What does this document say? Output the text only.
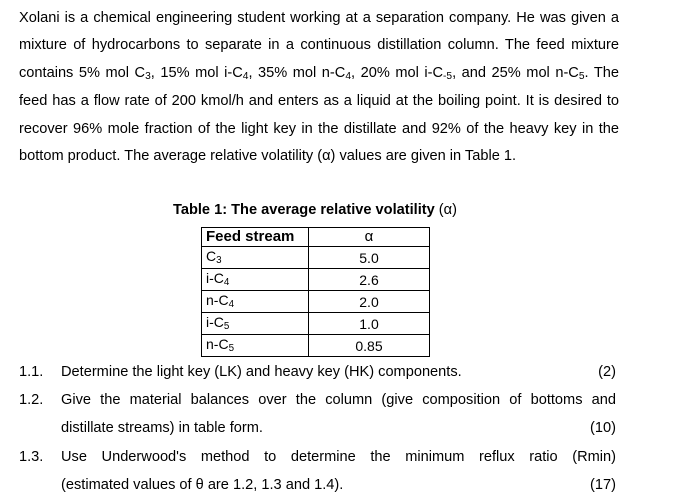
Xolani is a chemical engineering student working at a separation company. He was given a mixture of hydrocarbons to separate in a continuous distillation column. The feed mixture contains 5% mol $C_3$, 15% mol $i-C_4$, 35% mol $n-C_4$, 20% mol $i-C_{-5}$, and 25% mol $n-C_5$. The feed has a flow rate of 200 kmol/h and enters as a liquid at the boiling point. It is desired to recover 96% mole fraction of the light key in the distillate and 92% of the heavy key in the bottom product. The average relative volatility (α) values are given in Table 1.

Table 1: The average relative volatility (α)
Feed stream	α
$C_3$	5.0
$i-C_4$	2.6
$n-C_4$	2.0
$i-C_5$	1.0
$n-C_5$	0.85
1.1. Determine the light key (LK) and heavy key (HK) components.	(2)
1.2. Give the material balances over the column (give composition of bottoms and
distillate streams) in table form.	(10)
1.3. Use Underwood's method to determine the minimum reflux ratio (Rmin)
(estimated values of θ are 1.2, 1.3 and 1.4).	(17)
